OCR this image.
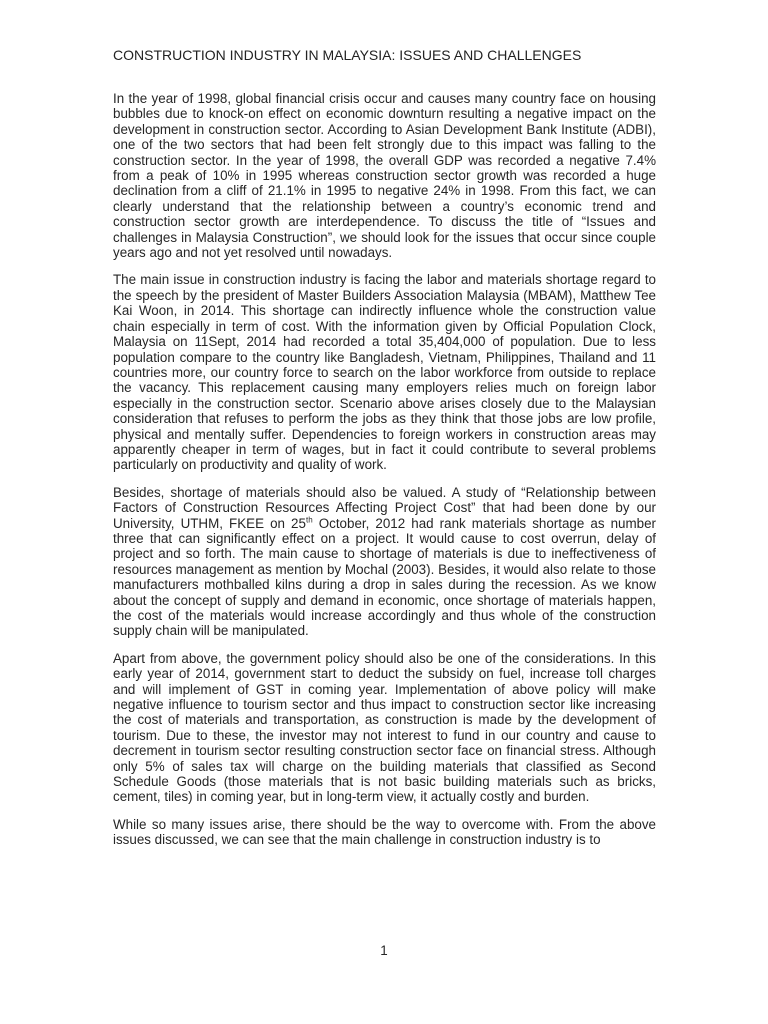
CONSTRUCTION INDUSTRY IN MALAYSIA: ISSUES AND CHALLENGES

In the year of 1998, global financial crisis occur and causes many country face on housing bubbles due to knock-on effect on economic downturn resulting a negative impact on the development in construction sector. According to Asian Development Bank Institute (ADBI), one of the two sectors that had been felt strongly due to this impact was falling to the construction sector. In the year of 1998, the overall GDP was recorded a negative 7.4% from a peak of 10% in 1995 whereas construction sector growth was recorded a huge declination from a cliff of 21.1% in 1995 to negative 24% in 1998. From this fact, we can clearly understand that the relationship between a country’s economic trend and construction sector growth are interdependence. To discuss the title of “Issues and challenges in Malaysia Construction”, we should look for the issues that occur since couple years ago and not yet resolved until nowadays.

The main issue in construction industry is facing the labor and materials shortage regard to the speech by the president of Master Builders Association Malaysia (MBAM), Matthew Tee Kai Woon, in 2014. This shortage can indirectly influence whole the construction value chain especially in term of cost. With the information given by Official Population Clock, Malaysia on 11Sept, 2014 had recorded a total 35,404,000 of population. Due to less population compare to the country like Bangladesh, Vietnam, Philippines, Thailand and 11 countries more, our country force to search on the labor workforce from outside to replace the vacancy. This replacement causing many employers relies much on foreign labor especially in the construction sector. Scenario above arises closely due to the Malaysian consideration that refuses to perform the jobs as they think that those jobs are low profile, physical and mentally suffer. Dependencies to foreign workers in construction areas may apparently cheaper in term of wages, but in fact it could contribute to several problems particularly on productivity and quality of work.

Besides, shortage of materials should also be valued. A study of “Relationship between Factors of Construction Resources Affecting Project Cost” that had been done by our University, UTHM, FKEE on 25th October, 2012 had rank materials shortage as number three that can significantly effect on a project. It would cause to cost overrun, delay of project and so forth. The main cause to shortage of materials is due to ineffectiveness of resources management as mention by Mochal (2003). Besides, it would also relate to those manufacturers mothballed kilns during a drop in sales during the recession. As we know about the concept of supply and demand in economic, once shortage of materials happen, the cost of the materials would increase accordingly and thus whole of the construction supply chain will be manipulated.

Apart from above, the government policy should also be one of the considerations. In this early year of 2014, government start to deduct the subsidy on fuel, increase toll charges and will implement of GST in coming year. Implementation of above policy will make negative influence to tourism sector and thus impact to construction sector like increasing the cost of materials and transportation, as construction is made by the development of tourism. Due to these, the investor may not interest to fund in our country and cause to decrement in tourism sector resulting construction sector face on financial stress. Although only 5% of sales tax will charge on the building materials that classified as Second Schedule Goods (those materials that is not basic building materials such as bricks, cement, tiles) in coming year, but in long-term view, it actually costly and burden.

While so many issues arise, there should be the way to overcome with. From the above issues discussed, we can see that the main challenge in construction industry is to

1
